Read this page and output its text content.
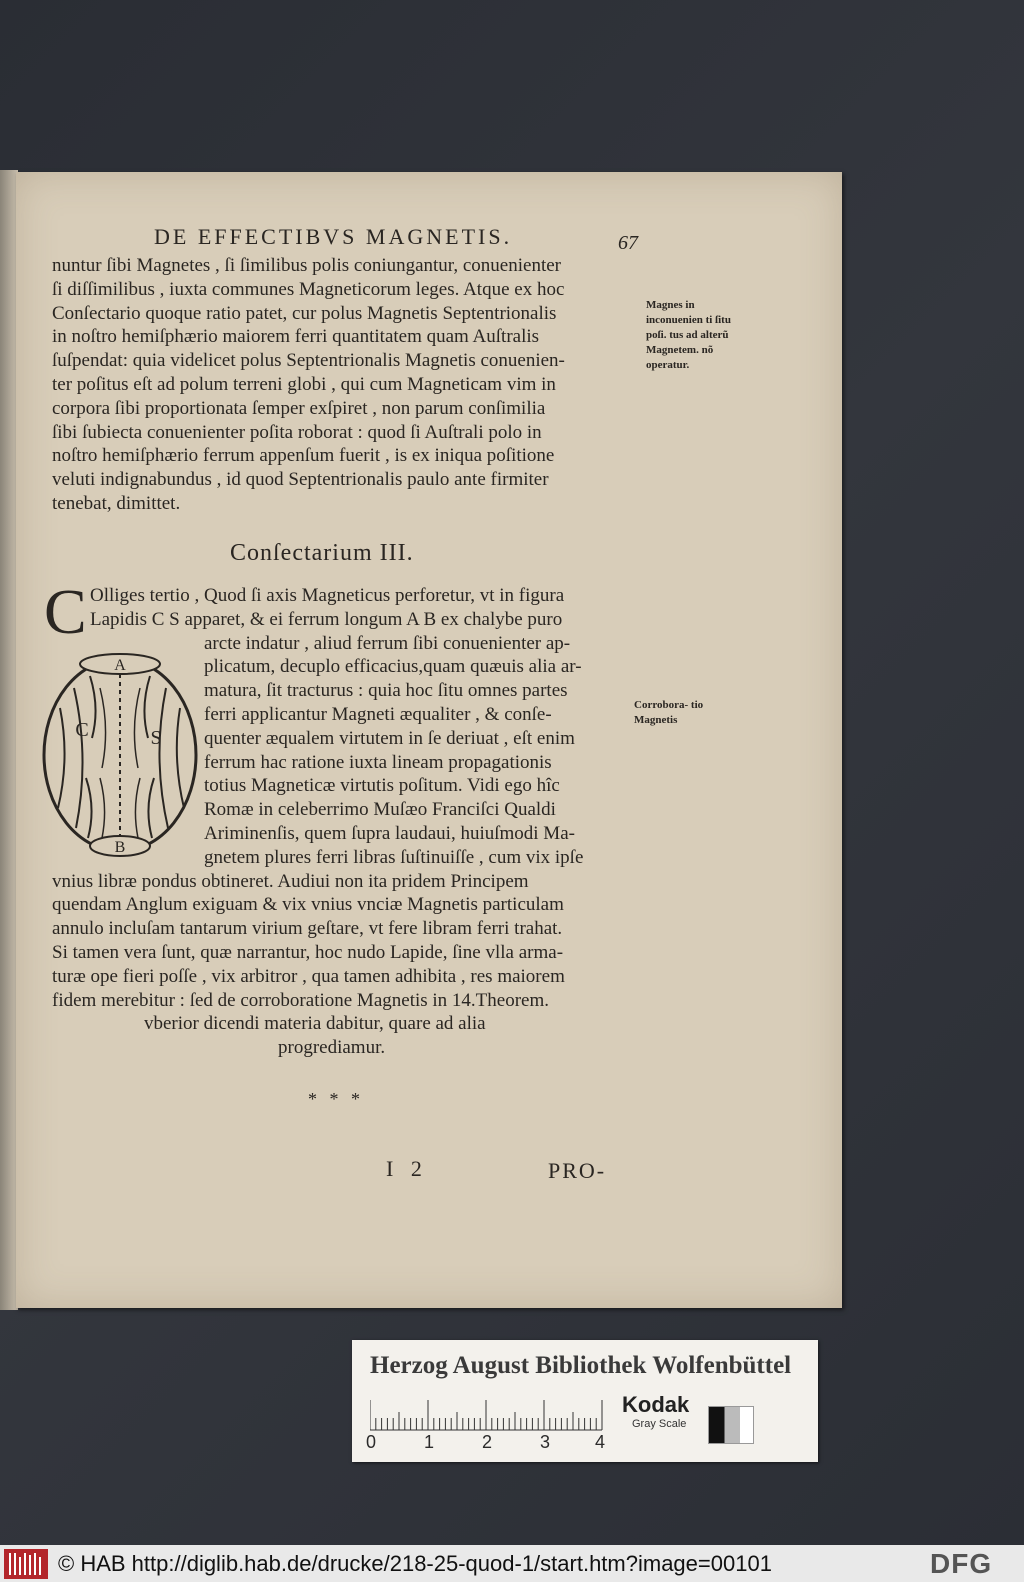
DE EFFECTIBVS MAGNETIS.	67

nuntur ſibi Magnetes , ſi ſimilibus polis coniungantur, conuenienter
ſi diſſimilibus , iuxta communes Magneticorum leges. Atque ex hoc
Conſectario quoque ratio patet, cur polus Magnetis Septentrionalis
in noſtro hemiſphærio maiorem ferri quantitatem quam Auſtralis
ſuſpendat: quia videlicet polus Septentrionalis Magnetis conuenien-
ter poſitus eſt ad polum terreni globi , qui cum Magneticam vim in
corpora ſibi proportionata ſemper exſpiret , non parum conſimilia
ſibi ſubiecta conuenienter poſita roborat : quod ſi Auſtrali polo in
noſtro hemiſphærio ferrum appenſum fuerit , is ex iniqua poſitione
veluti indignabundus , id quod Septentrionalis paulo ante firmiter
tenebat, dimittet.

Magnes in inconuenien ti ſitu poſi. tus ad alterũ Magnetem. nõ operatur.
Conſectarium III.
C Olliges tertio , Quod ſi axis Magneticus perforetur, vt in figura
Lapidis C S apparet, & ei ferrum longum A B ex chalybe puro
arcte indatur , aliud ferrum ſibi conuenienter ap-
plicatum, decuplo efficacius,quam quæuis alia ar-
matura, ſit tracturus : quia hoc ſitu omnes partes
ferri applicantur Magneti æqualiter , & conſe-
quenter æqualem virtutem in ſe deriuat , eſt enim
ferrum hac ratione iuxta lineam propagationis
totius Magneticæ virtutis poſitum. Vidi ego hîc
Romæ in celeberrimo Muſæo Franciſci Qualdi
Ariminenſis, quem ſupra laudaui, huiuſmodi Ma-
gnetem plures ferri libras ſuſtinuiſſe , cum vix ipſe
vnius libræ pondus obtineret. Audiui non ita pridem Principem
quendam Anglum exiguam & vix vnius vnciæ Magnetis particulam
annulo incluſam tantarum virium geſtare, vt fere libram ferri trahat.
Si tamen vera ſunt, quæ narrantur, hoc nudo Lapide, ſine vlla arma-
turæ ope fieri poſſe , vix arbitror , qua tamen adhibita , res maiorem
fidem merebitur : ſed de corroboratione Magnetis in 14.Theorem.
vberior dicendi materia dabitur, quare ad alia
progrediamur.
Corrobora- tio Magnetis
A
B
C	S
* * *
I 2	PRO-
Herzog August Bibliothek Wolfenbüttel
0	1	2	3 4
Kodak
Gray Scale
© HAB http://diglib.hab.de/drucke/218-25-quod-1/start.htm?image=00101	DFG
